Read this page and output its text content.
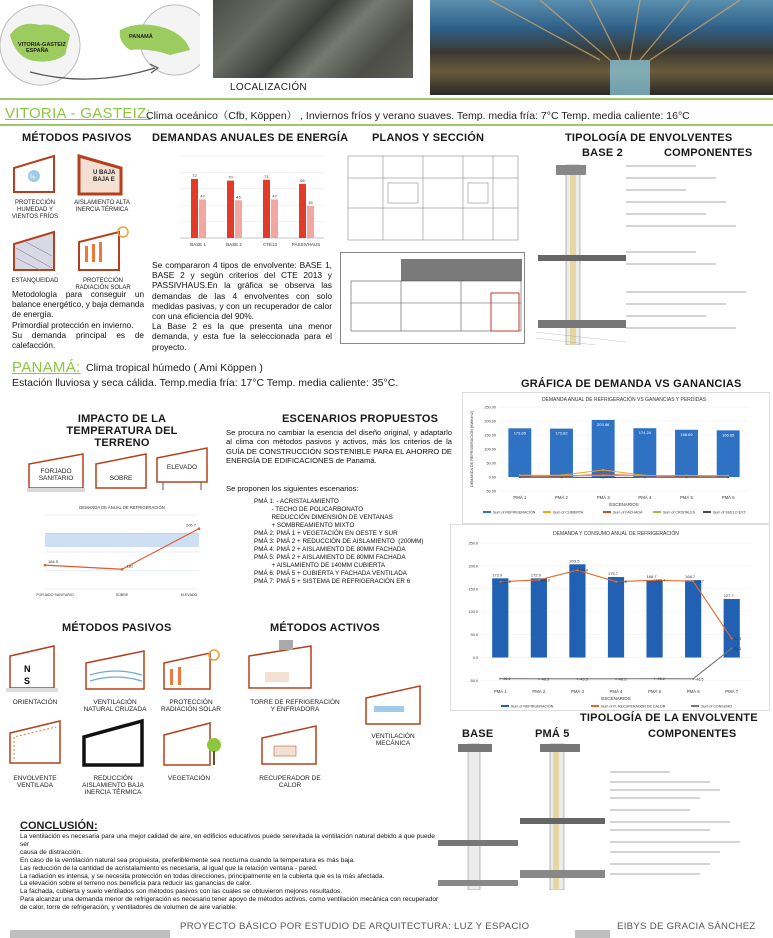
VITORIA-GASTEIZ
ESPAÑA
PANAMÁ
LOCALIZACIÓN
VITORIA - GASTEIZ:
Clima oceánico（Cfb, Köppen） , Inviernos fríos y verano suaves. Temp. media fría: 7°C Temp. media caliente: 16°C
MÉTODOS PASIVOS DEMANDAS ANUALES DE ENERGÍA PLANOS Y SECCIÓN	TIPOLOGÍA DE ENVOLVENTES
BASE 2	COMPONENTES
%
PROTECCIÓN HUMEDAD Y VIENTOS FRÍOS
U BAJA
BAJA E
AISLAMIENTO ALTA INERCIA TÉRMICA
ESTANQUEIDAD	PROTECCIÓN RADIACIÓN SOLAR
Metodología para conseguir un balance energético, y baja demanda de energía.
Primordial protección en invierno.
Su demanda principal es de calefacción.
72
47
BASE 1
70
46
BASE 2
71
47
CTE13
66
39
PASSIVHAUS
Se compararon 4 tipos de envolvente: BASE 1, BASE 2 y según criterios del CTE 2013 y PASSIVHAUS.En la gráfica se observa las demandas de las 4 envolventes con solo medidas pasivas, y con un recuperador de calor con una eficiencia del 90%.
La Base 2 es la que presenta una menor demanda, y esta fue la seleccionada para el proyecto.
PANAMÁ: Clima tropical húmedo ( Ami Köppen )
Estación lluviosa y seca cálida. Temp.media fría: 17°C Temp. media caliente: 35°C.
IMPACTO DE LA TEMPERATURA DEL TERRENO
ESCENARIOS PROPUESTOS
GRÁFICA DE DEMANDA VS GANANCIAS
FORJADO SANITARIO	SOBRE
ELEVADO
DEMANDA DE ANUAL DE REFRIGERACIÓN
184.5
182
206.7
FORJADO SANITARIO	SOBRE	ELEVADO
Se procura no cambiar la esencia del diseño original, y adaptarlo al clima con métodos pasivos y activos, más los criterios de la GUÍA DE CONSTRUCCIÓN SOSTENIBLE PARA EL AHORRO DE ENERGÍA DE EDIFICACIONES de Panamá.
Se proponen los siguientes escenarios:
PMÁ 1: - ACRISTALAMIENTO
- TECHO DE POLICARBONATO
REDUCCIÓN DIMENSIÓN DE VENTANAS
+ SOMBREAMIENTO MIXTO
PMÁ 2: PMÁ 1 + VEGETACIÓN EN OESTE Y SUR
PMÁ 3: PMÁ 2 + REDUCCIÓN DE AISLAMIENTO  (200MM)
PMÁ 4: PMÁ 2 + AISLAMIENTO DE 80MM FACHADA
PMÁ 5: PMÁ 2 + AISLAMIENTO DE 80MM FACHADA
+ AISLAMIENTO DE 140MM CUBIERTA
PMÁ 6: PMÁ 5 + CUBIERTA Y FACHADA VENTILADA
PMÁ 7: PMÁ 5 + SISTEMA DE REFRIGERACIÓN ER 6
DEMANDA ANUAL DE REFRIGERACIÓN VS GANANCIAS Y PERDIDAS
-50.00
0.00
50.00
100.00
150.00
200.00
250.00
173.85
PMÁ 1
172.82
PMÁ 2
203.88
PMÁ 3
174.24
PMÁ 4
168.69
PMÁ 5
166.65
PMÁ 6
ESCENARIOS
DEMANDA DE REFRIGERACIÓN (KWh/m2)
Sum of REFRIGERACIÓN	Sum of CUBIERTA	Sum of FACHADA	Sum of CRISTALES	Sum of SUELO EXT.
DEMANDA Y CONSUMO ANUAL DE REFRIGERACIÓN
-50.0
0.0
50.0
100.0
150.0
200.0
250.0
172.9
PMÁ 1
172.9
PMÁ 2
203.5
PMÁ 3
175.7
PMÁ 4
168.7
PMÁ 5
168.7
PMÁ 6
127.7
PMÁ 7
165.6	169.3
190.6
165.6	168.7	166.7
41.3
-46.1	-46.5	-46.5	-46.5	-46.2	-46.5
20.1
ESCENARIOS
Sum of REFRIGERACIÓN	Sum of R. RECUPERADOR DE CALOR	Sum of CONSUMO
MÉTODOS PASIVOS	MÉTODOS ACTIVOS
N
S
ORIENTACIÓN	VENTILACIÓN NATURAL CRUZADA
PROTECCIÓN RADIACIÓN SOLAR
ENVOLVENTE VENTILADA
REDUCCIÓN AISLAMIENTO BAJA INERCIA TÉRMICA
VEGETACIÓN
TORRE DE REFRIGERACIÓN Y ENFRIADORA
VENTILACIÓN MECÁNICA
RECUPERADOR DE CALOR
TIPOLOGÍA DE LA ENVOLVENTE
BASE	PMÁ 5	COMPONENTES
CONCLUSIÓN:
La ventilación es necesaria para una mejor calidad de aire, en edificios educativos puede serevitada la ventilación natural debido a que puede ser
causa de distracción.
En caso de la ventilación natural sea propuesta, preferiblemente sea nocturna cuando la temperatura es más baja.
Las reducción de la cantidad de acristalamiento es necesaria, al igual que la relación ventana - pared.
La radiación es intensa, y se necesita protección en todas direcciones, principalmente en la cubierta que es la más afectada.
La elevación sobre el terreno nos beneficia para reducir las ganancias de calor.
La fachada, cubierta y suelo ventilados son métodos pasivos con las cuales se obtuvieron mejores resultados.
Para alcanzar una demanda menor de refrigeración es necesario tener apoyo de métodos activos, como ventilación mecánica con recuperador
de calor, torre de refrigeración, y ventiladores de volumen de aire variable.
PROYECTO BÁSICO POR ESTUDIO DE ARQUITECTURA: LUZ Y ESPACIO	EIBYS DE GRACIA SÁNCHEZ
